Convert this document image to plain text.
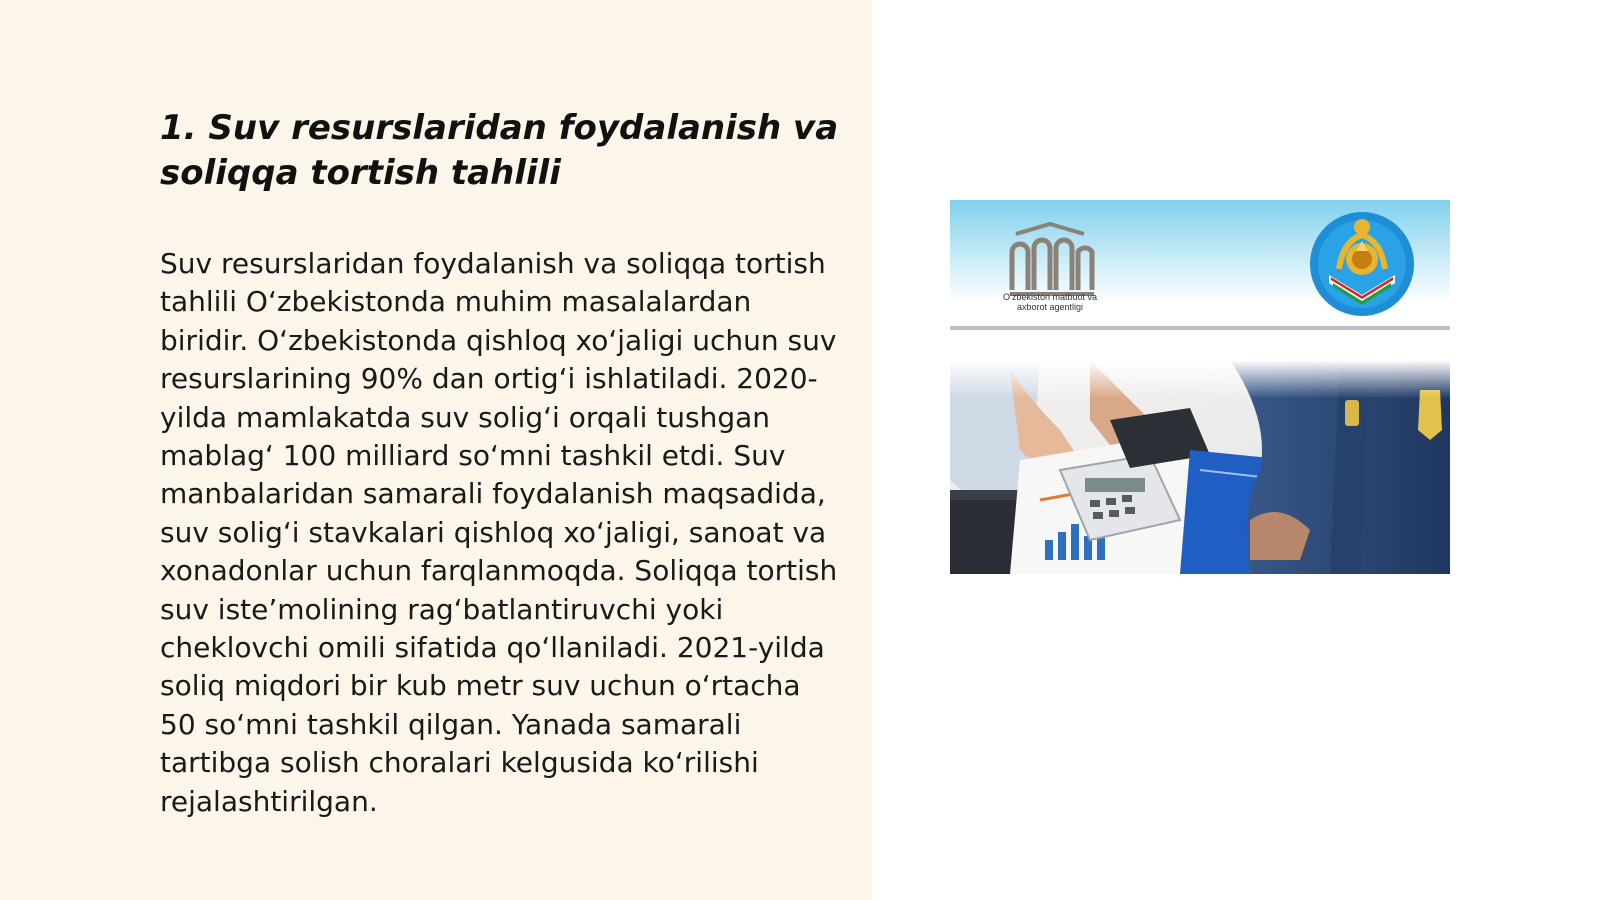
1. Suv resurslaridan foydalanish va soliqqa tortish tahlili

Suv resurslaridan foydalanish va soliqqa tortish tahlili O‘zbekistonda muhim masalalardan biridir. O‘zbekistonda qishloq xo‘jaligi uchun suv resurslarining 90% dan ortig‘i ishlatiladi. 2020-yilda mamlakatda suv solig‘i orqali tushgan mablag‘ 100 milliard so‘mni tashkil etdi. Suv manbalaridan samarali foydalanish maqsadida, suv solig‘i stavkalari qishloq xo‘jaligi, sanoat va xonadonlar uchun farqlanmoqda. Soliqqa tortish suv iste’molining rag‘batlantiruvchi yoki cheklovchi omili sifatida qo‘llaniladi. 2021-yilda soliq miqdori bir kub metr suv uchun o‘rtacha 50 so‘mni tashkil qilgan. Yanada samarali tartibga solish choralari kelgusida ko‘rilishi rejalashtirilgan.

O‘zbekiston matbuot va axborot agentligi
